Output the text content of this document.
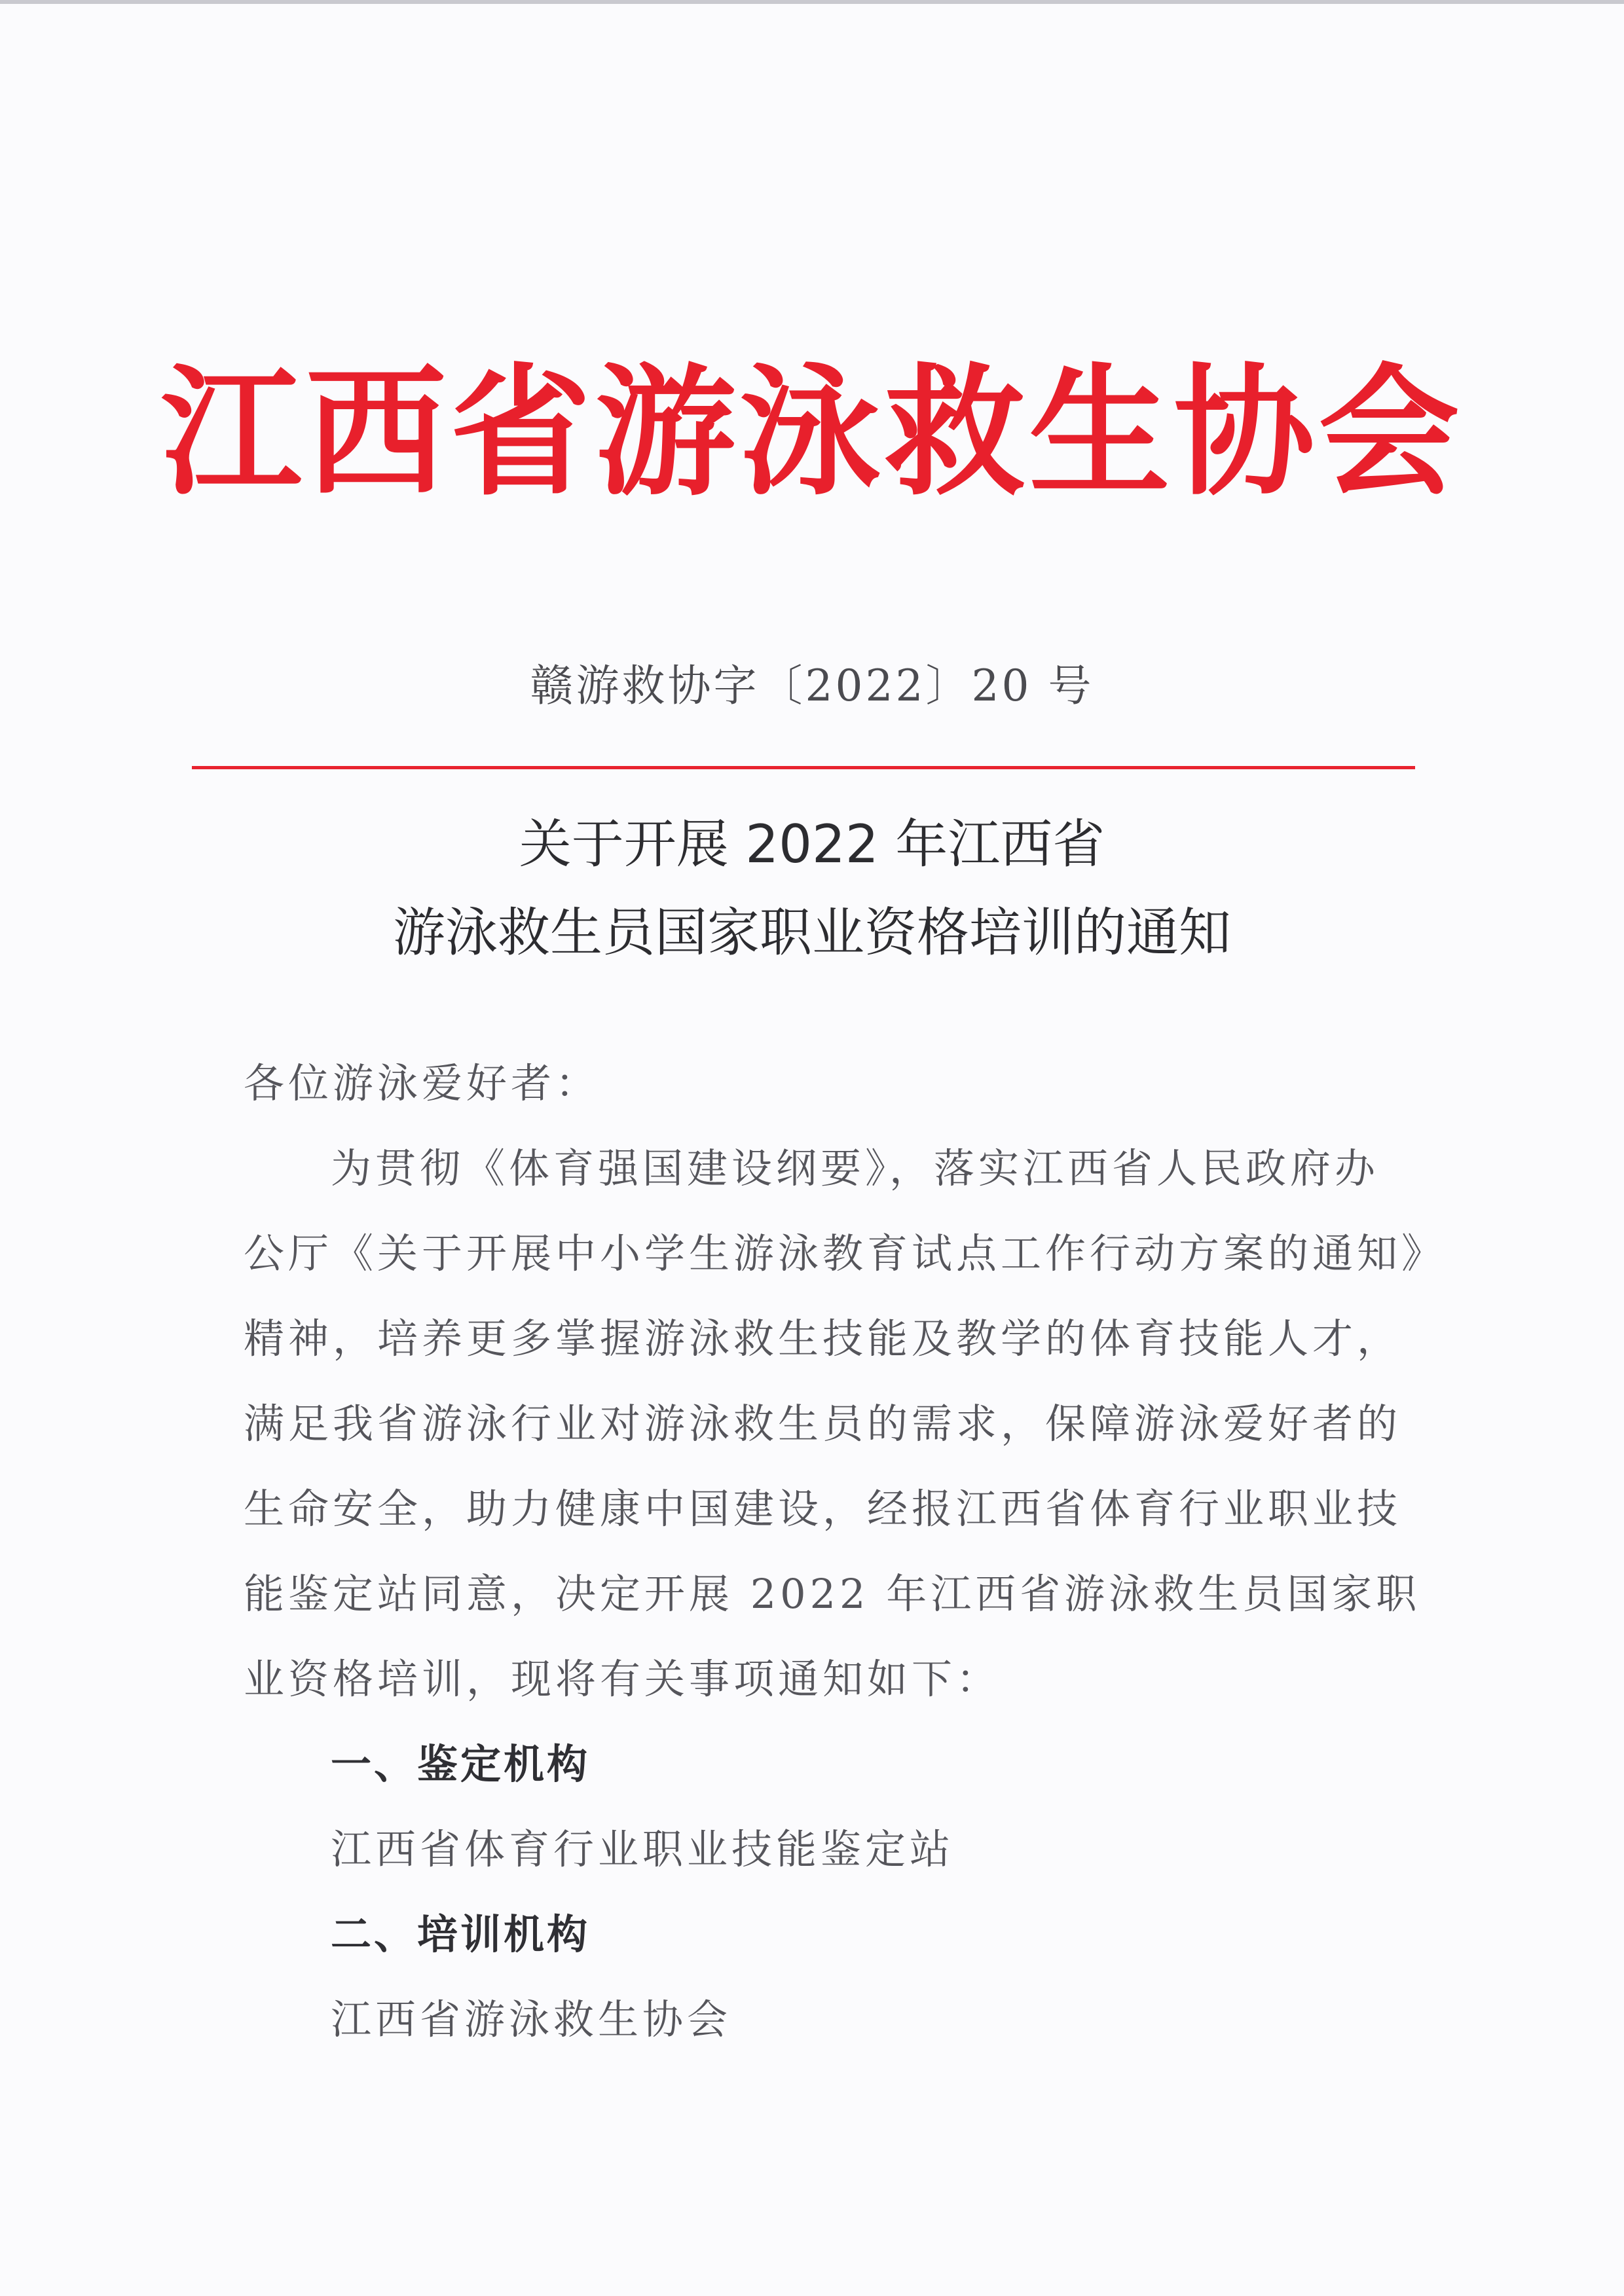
江西省游泳救生协会
赣游救协字〔2022〕20 号
关于开展 2022 年江西省
游泳救生员国家职业资格培训的通知
各位游泳爱好者：
为贯彻《体育强国建设纲要》，落实江西省人民政府办
公厅《关于开展中小学生游泳教育试点工作行动方案的通知》
精神，培养更多掌握游泳救生技能及教学的体育技能人才，
满足我省游泳行业对游泳救生员的需求，保障游泳爱好者的
生命安全，助力健康中国建设，经报江西省体育行业职业技
能鉴定站同意，决定开展 2022 年江西省游泳救生员国家职
业资格培训，现将有关事项通知如下：
一、鉴定机构
江西省体育行业职业技能鉴定站
二、培训机构
江西省游泳救生协会
